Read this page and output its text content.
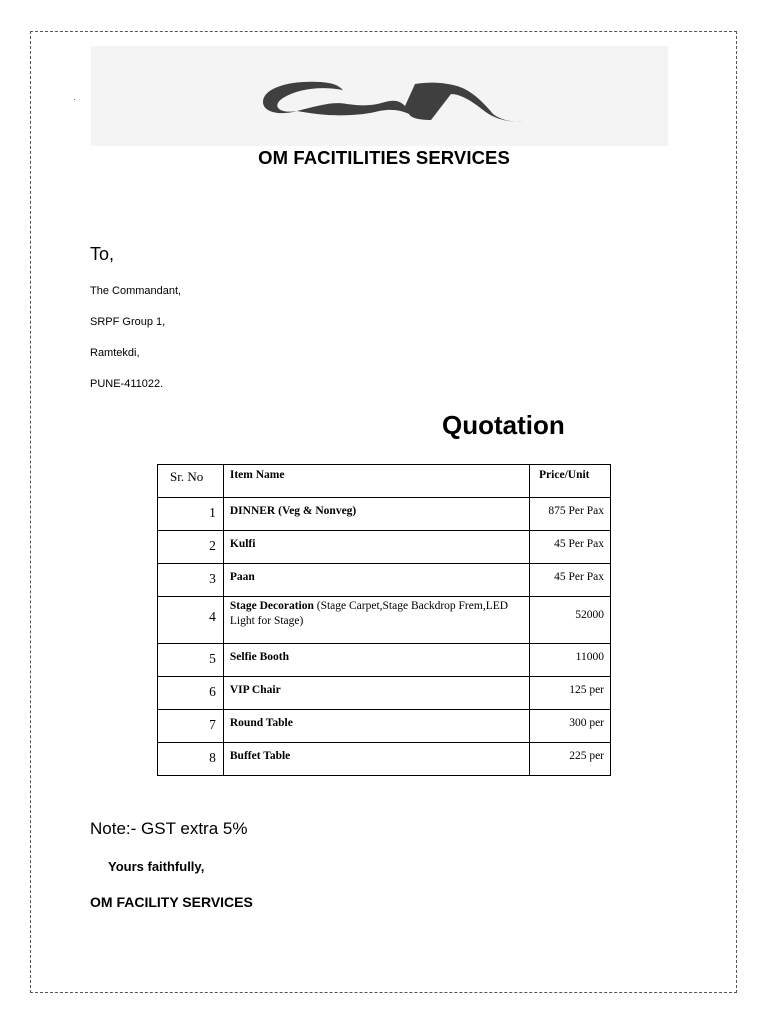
OM FACITILITIES SERVICES
To,
The Commandant,
SRPF Group 1,
Ramtekdi,
PUNE-411022.
Quotation
Sr. No	Item Name	Price/Unit
1	DINNER (Veg & Nonveg)	875 Per Pax
2	Kulfi	45 Per Pax
3	Paan	45 Per Pax
4	Stage Decoration (Stage Carpet,Stage Backdrop Frem,LED Light for Stage)	52000
5	Selfie Booth	11000
6	VIP Chair	125 per
7	Round Table	300 per
8	Buffet Table	225 per
Note:- GST extra 5%
Yours faithfully,
OM FACILITY SERVICES
